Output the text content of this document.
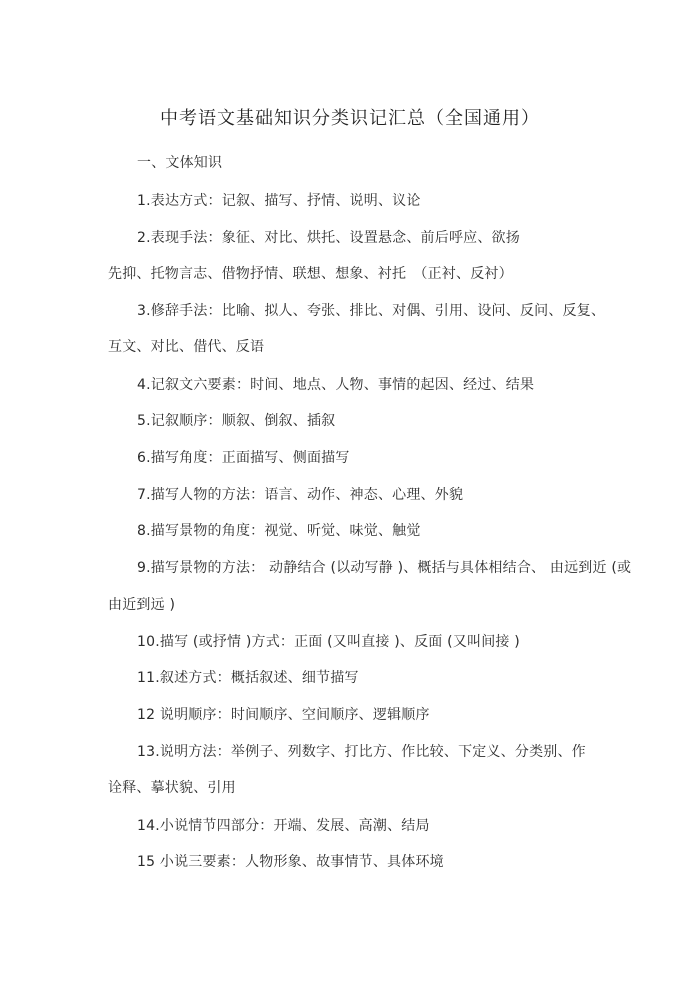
中考语文基础知识分类识记汇总（全国通用）
一、文体知识
1.表达方式：记叙、描写、抒情、说明、议论
2.表现手法：象征、对比、烘托、设置悬念、前后呼应、欲扬
先抑、托物言志、借物抒情、联想、想象、衬托　（正衬、反衬）
3.修辞手法：比喻、拟人、夸张、排比、对偶、引用、设问、反问、反复、
互文、对比、借代、反语
4.记叙文六要素：时间、地点、人物、事情的起因、经过、结果
5.记叙顺序：顺叙、倒叙、插叙
6.描写角度：正面描写、侧面描写
7.描写人物的方法：语言、动作、神态、心理、外貌
8.描写景物的角度：视觉、听觉、味觉、触觉
9.描写景物的方法： 动静结合 (以动写静 )、概括与具体相结合、 由远到近 (或
由近到远 )
10.描写 (或抒情 )方式：正面 (又叫直接 )、反面 (又叫间接 )
11.叙述方式：概括叙述、细节描写
12 说明顺序：时间顺序、空间顺序、逻辑顺序
13.说明方法：举例子、列数字、打比方、作比较、下定义、分类别、作
诠释、摹状貌、引用
14.小说情节四部分：开端、发展、高潮、结局
15 小说三要素：人物形象、故事情节、具体环境
